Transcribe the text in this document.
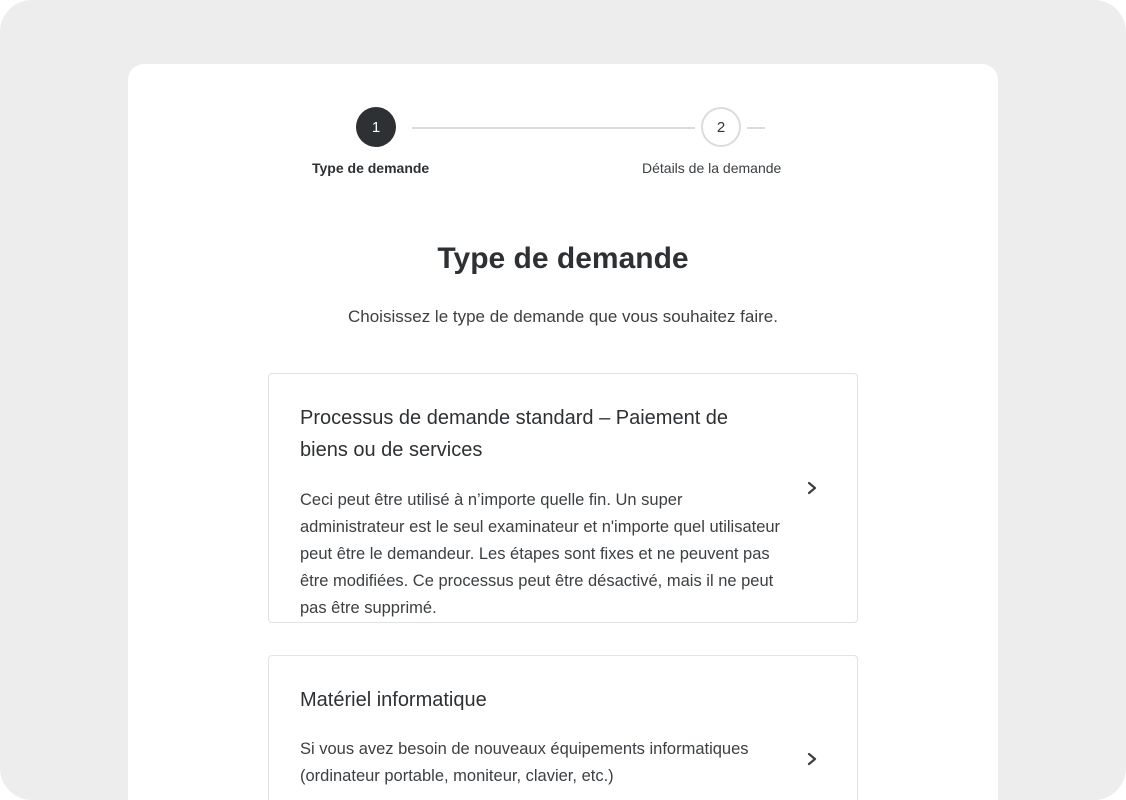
1	2
Type de demande	Détails de la demande
Type de demande
Choisissez le type de demande que vous souhaitez faire.
Processus de demande standard – Paiement de biens ou de services
Ceci peut être utilisé à n’importe quelle fin. Un super administrateur est le seul examinateur et n'importe quel utilisateur peut être le demandeur. Les étapes sont fixes et ne peuvent pas être modifiées. Ce processus peut être désactivé, mais il ne peut pas être supprimé.
Matériel informatique
Si vous avez besoin de nouveaux équipements informatiques (ordinateur portable, moniteur, clavier, etc.)
